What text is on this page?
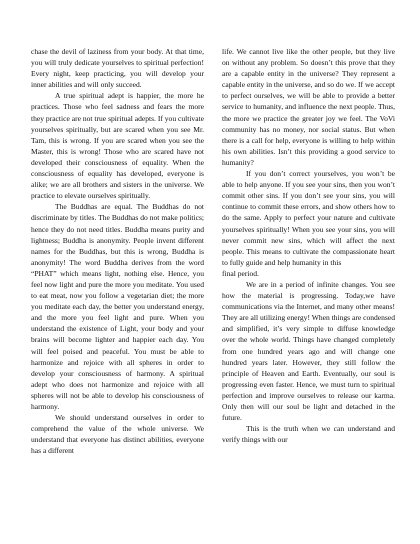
chase the devil of laziness from your body. At that time, you will truly dedicate yourselves to spiritual perfection! Every night, keep practicing, you will develop your inner abilities and will only succeed.

A true spiritual adept is happier, the more he practices. Those who feel sadness and fears the more they practice are not true spiritual adepts. If you cultivate yourselves spiritually, but are scared when you see Mr. Tam, this is wrong. If you are scared when you see the Master, this is wrong! Those who are scared have not developed their consciousness of equality. When the consciousness of equality has developed, everyone is alike; we are all brothers and sisters in the universe. We practice to elevate ourselves spiritually.

The Buddhas are equal. The Buddhas do not discriminate by titles. The Buddhas do not make politics; hence they do not need titles. Buddha means purity and lightness; Buddha is anonymity. People invent different names for the Buddhas, but this is wrong, Buddha is anonymity! The word Buddha derives from the word “PHAT” which means light, nothing else. Hence, you feel now light and pure the more you meditate. You used to eat meat, now you follow a vegetarian diet; the more you meditate each day, the better you understand energy, and the more you feel light and pure. When you understand the existence of Light, your body and your brains will become lighter and happier each day. You will feel poised and peaceful. You must be able to harmonize and rejoice with all spheres in order to develop your consciousness of harmony. A spiritual adept who does not harmonize and rejoice with all spheres will not be able to develop his consciousness of harmony.

We should understand ourselves in order to comprehend the value of the whole universe. We understand that everyone has distinct abilities, everyone has a different

life. We cannot live like the other people, but they live on without any problem. So doesn’t this prove that they are a capable entity in the universe? They represent a capable entity in the universe, and so do we. If we accept to perfect ourselves, we will be able to provide a better service to humanity, and influence the next people. Thus, the more we practice the greater joy we feel. The VoVi community has no money, nor social status. But when there is a call for help, everyone is willing to help within his own abilities. Isn’t this providing a good service to humanity?

If you don’t correct yourselves, you won’t be able to help anyone. If you see your sins, then you won’t commit other sins. If you don’t see your sins, you will continue to commit these errors, and show others how to do the same. Apply to perfect your nature and cultivate yourselves spiritually! When you see your sins, you will never commit new sins, which will affect the next people. This means to cultivate the compassionate heart to fully guide and help humanity in this

final period.

We are in a period of infinite changes. You see how the material is progressing. Today,we have communications via the Internet, and many other means! They are all utilizing energy! When things are condensed and simplified, it’s very simple to diffuse knowledge over the whole world. Things have changed completely from one hundred years ago and will change one hundred years later. However, they still follow the principle of Heaven and Earth. Eventually, our soul is progressing even faster. Hence, we must turn to spiritual perfection and improve ourselves to release our karma. Only then will our soul be light and detached in the future.

This is the truth when we can understand and verify things with our
